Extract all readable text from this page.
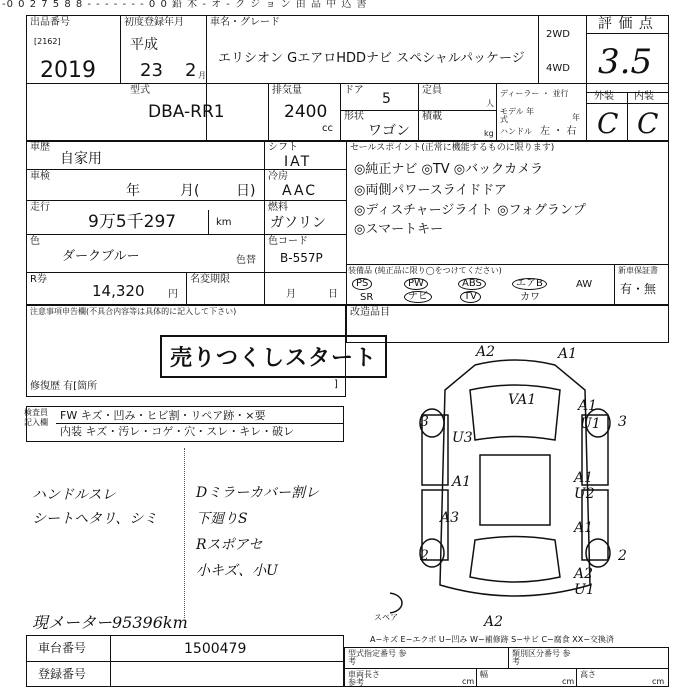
-0 0 2 7 5 8 8 - - - - - - - 0 0 鉛 木 - オ - ク ジ ョ ン 由 品 中 込 書
出品番号
[2162]
2019
初度登録年月
平成
23 2 月
車名・グレード
エリシオン GエアロHDDナビ スペシャルパッケージ
2WD
4WD
評 価 点
3.5
外装 内装
C C
型式
DBA-RR1
排気量
2400
cc
ドア
5
定員
人
形状
ワゴン
積載
kg
ディーラー ・ 並行
モデル 年式	年
ハンドル 左 ・ 右
車歴
自家用
車検
年	月(	日)
走行
9万5千297	km
色
ダークブルー	色替
R券
14,320 円
名変期限
月	日
シフト
IAT
冷房
AAC
燃料
ガソリン
色コード
B-557P
セールスポイント(正常に機能するものに限ります)
◎純正ナビ ◎TV ◎バックカメラ
◎両側パワースライドドア
◎ディスチャージライト ◎フォグランプ
◎スマートキー
装備品 (純正品に限り◯をつけてください)	新車保証書
有・無
PS	PW	ABS	エアB	AW
SR	ナビ	TV	カワ
注意事項申告欄(不具合内容等は具体的に記入して下さい)
売りつくしスタート
修復歴 有[箇所	]
改造品目
検査員 記入欄
FW キズ・凹み・ヒビ割・リペア跡・×要
内装 キズ・汚レ・コゲ・穴・スレ・キレ・破レ
ハンドルスレ
シートヘタリ、シミ
Dミラーカバー割レ
下廻りS
Rスポアセ
小キズ、小U
現メーター95396km
A2	A1
VA1	A1
U1
U3
A1	A1 U2
A3
A1
A2 U1
A2
3	3
2	2
スペア
A−キズ E−エクボ U−凹み W−補修跡 S−サビ C−腐食 XX−交換済
車台番号	1500479
登録番号
型式指定番号 参考
類別区分番号 参考
車両長さ 参考	cm
幅
cm
高さ
cm
